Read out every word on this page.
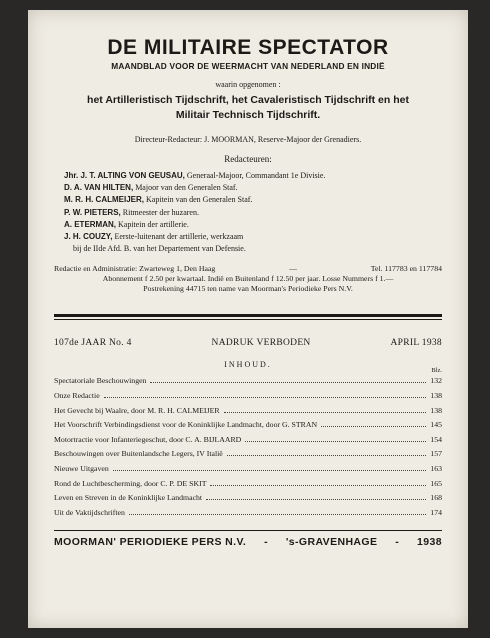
DE MILITAIRE SPECTATOR
MAANDBLAD VOOR DE WEERMACHT VAN NEDERLAND EN INDIË
waarin opgenomen :
het Artilleristisch Tijdschrift, het Cavaleristisch Tijdschrift en het
Militair Technisch Tijdschrift.
Directeur-Redacteur: J. MOORMAN, Reserve-Majoor der Grenadiers.
Redacteuren:
Jhr. J. T. ALTING VON GEUSAU, Generaal-Majoor, Commandant 1e Divisie.
D. A. VAN HILTEN, Majoor van den Generalen Staf.
M. R. H. CALMEIJER, Kapitein van den Generalen Staf.
P. W. PIETERS, Ritmeester der huzaren.
A. ETERMAN, Kapitein der artillerie.
J. H. COUZY, Eerste-luitenant der artillerie, werkzaam
bij de IIde Afd. B. van het Departement van Defensie.
Redactie en Administratie: Zwarteweg 1, Den Haag	—	Tel. 117783 en 117784
Abonnement f 2.50 per kwartaal. Indië en Buitenland f 12.50 per jaar. Losse Nummers f 1.—
Postrekening 44715 ten name van Moorman's Periodieke Pers N.V.
107de JAAR No. 4	NADRUK VERBODEN	APRIL 1938
INHOUD.
Blz.
Spectatoriale Beschouwingen	132
Onze Redactie	138
Het Gevecht bij Waalre, door M. R. H. CALMEIJER	138
Het Voorschrift Verbindingsdienst voor de Koninklijke Landmacht, door G. STRAN	145
Motortractie voor Infanteriegeschut, door C. A. BIJLAARD	154
Beschouwingen over Buitenlandsche Legers, IV Italië	157
Nieuwe Uitgaven	163
Rond de Luchtbescherming, door C. P. DE SKIT	165
Leven en Streven in de Koninklijke Landmacht	168
Uit de Vaktijdschriften	174
MOORMAN' PERIODIEKE PERS N.V. - 's-GRAVENHAGE - 1938
